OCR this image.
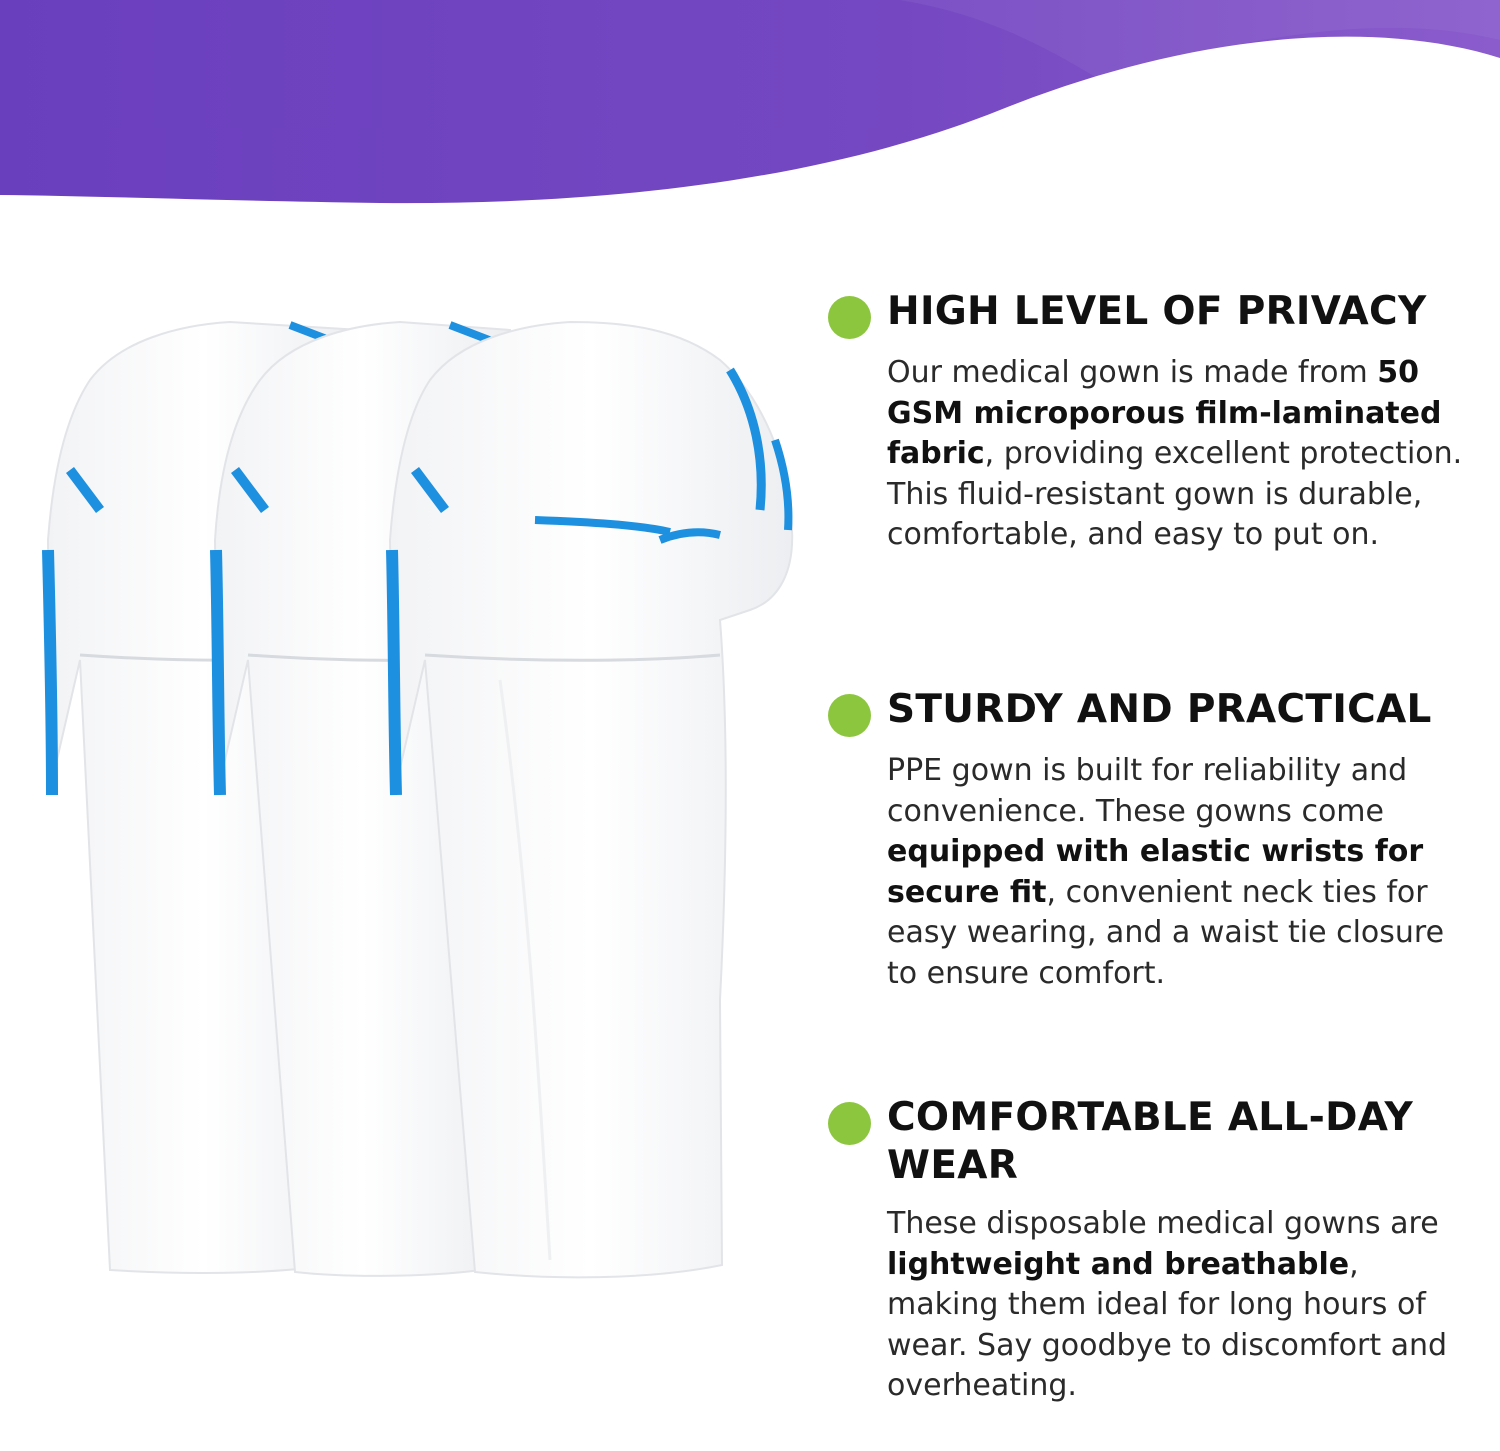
HIGH LEVEL OF PRIVACY

Our medical gown is made from 50 GSM microporous film-laminated fabric, providing excellent protection. This fluid-resistant gown is durable, comfortable, and easy to put on.

STURDY AND PRACTICAL

PPE gown is built for reliability and convenience. These gowns come equipped with elastic wrists for secure fit, convenient neck ties for easy wearing, and a waist tie closure to ensure comfort.

COMFORTABLE ALL-DAY WEAR

These disposable medical gowns are lightweight and breathable, making them ideal for long hours of wear. Say goodbye to discomfort and overheating.
